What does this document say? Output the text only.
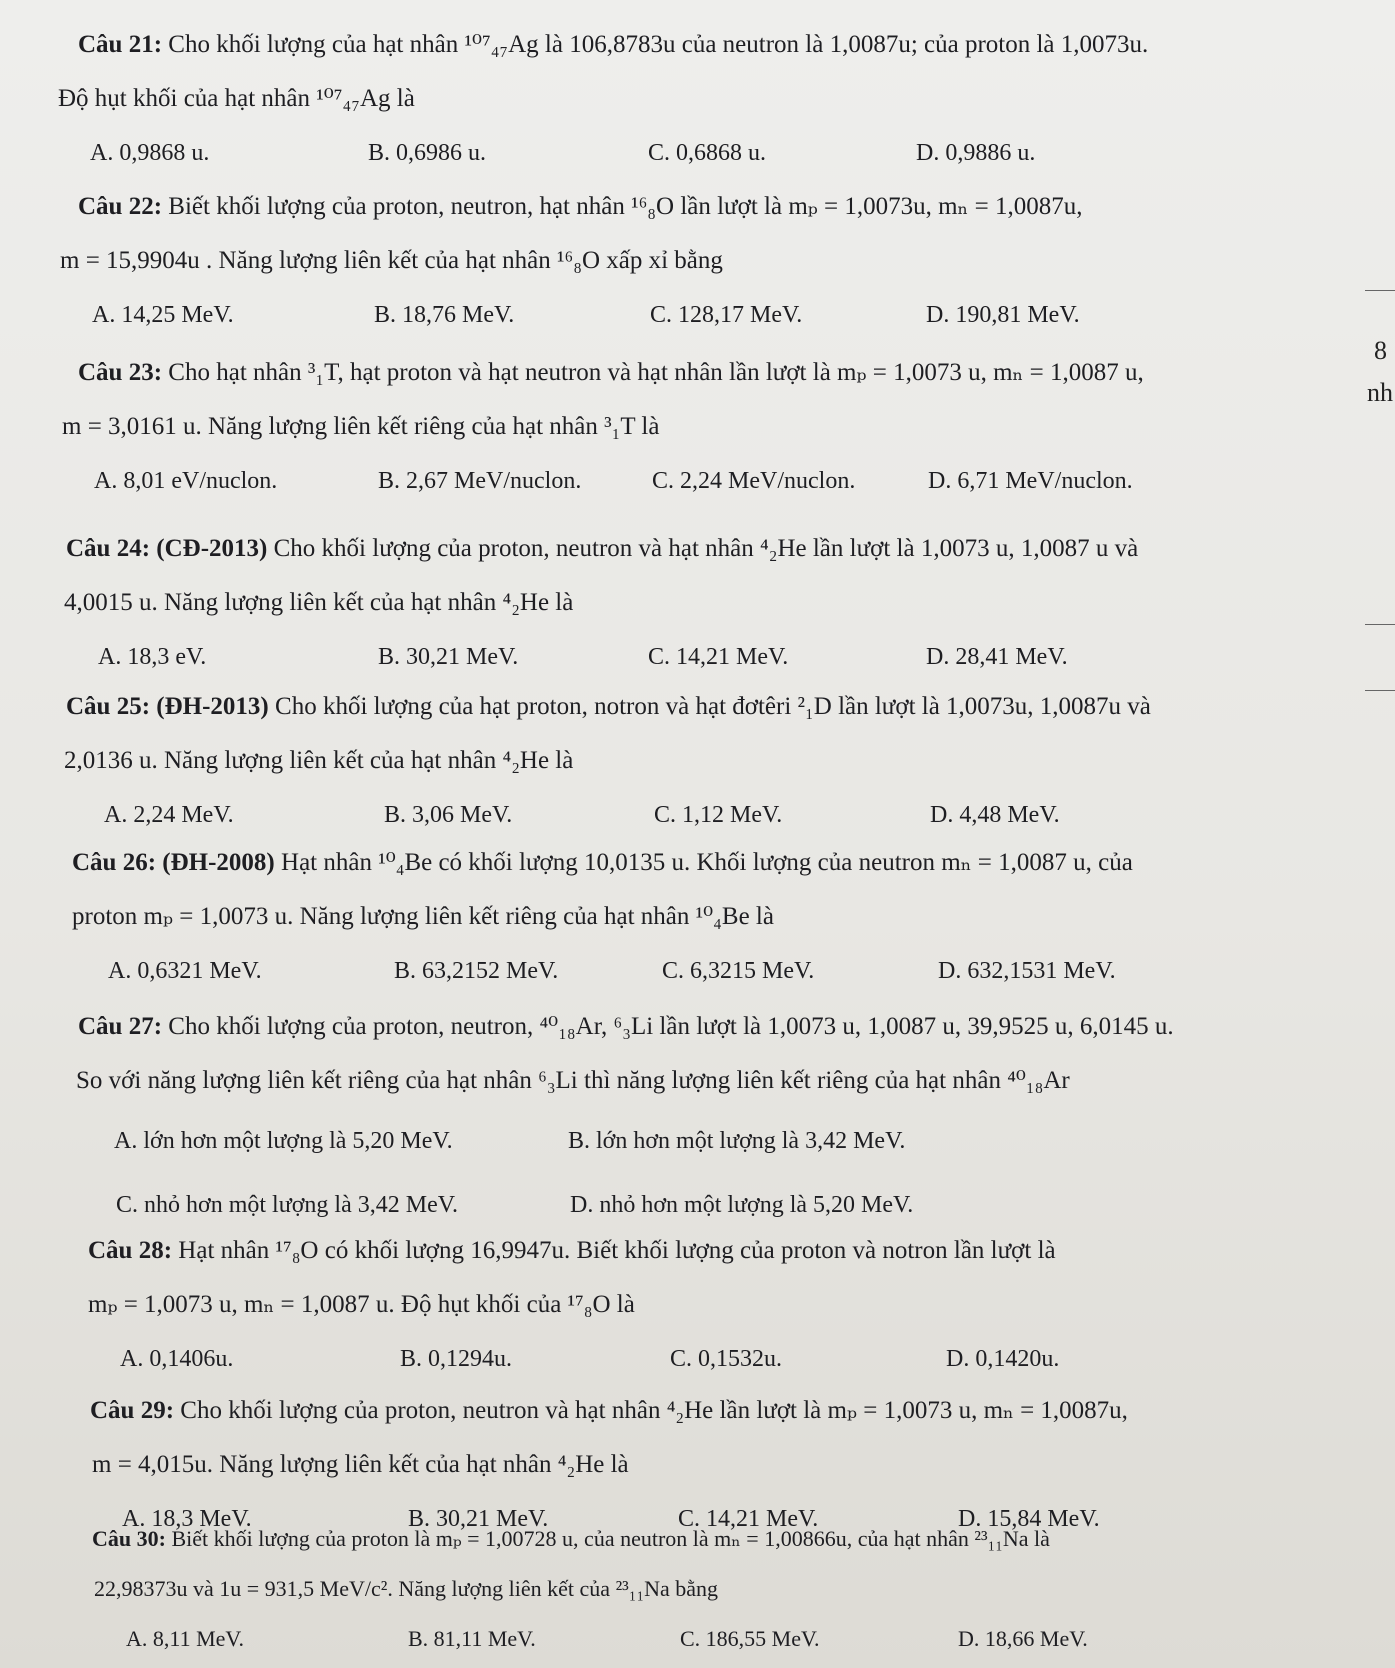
Câu 21: Cho khối lượng của hạt nhân ¹⁰⁷₄₇Ag là 106,8783u của neutron là 1,0087u; của proton là 1,0073u.
Độ hụt khối của hạt nhân ¹⁰⁷₄₇Ag là
A. 0,9868 u.	B. 0,6986 u.	C. 0,6868 u.	D. 0,9886 u.
Câu 22: Biết khối lượng của proton, neutron, hạt nhân ¹⁶₈O lần lượt là mₚ = 1,0073u, mₙ = 1,0087u,
m = 15,9904u . Năng lượng liên kết của hạt nhân ¹⁶₈O xấp xỉ bằng
A. 14,25 MeV.	B. 18,76 MeV.	C. 128,17 MeV.	D. 190,81 MeV.
Câu 23: Cho hạt nhân ³₁T, hạt proton và hạt neutron và hạt nhân lần lượt là mₚ = 1,0073 u, mₙ = 1,0087 u,
m = 3,0161 u. Năng lượng liên kết riêng của hạt nhân ³₁T là
A. 8,01 eV/nuclon.	B. 2,67 MeV/nuclon.	C. 2,24 MeV/nuclon.	D. 6,71 MeV/nuclon.
Câu 24: (CĐ-2013) Cho khối lượng của proton, neutron và hạt nhân ⁴₂He lần lượt là 1,0073 u, 1,0087 u và
4,0015 u. Năng lượng liên kết của hạt nhân ⁴₂He là
A. 18,3 eV.	B. 30,21 MeV.	C. 14,21 MeV.	D. 28,41 MeV.
Câu 25: (ĐH-2013) Cho khối lượng của hạt proton, notron và hạt đơtêri ²₁D lần lượt là 1,0073u, 1,0087u và
2,0136 u. Năng lượng liên kết của hạt nhân ⁴₂He là
A. 2,24 MeV.	B. 3,06 MeV.	C. 1,12 MeV.	D. 4,48 MeV.
Câu 26: (ĐH-2008) Hạt nhân ¹⁰₄Be có khối lượng 10,0135 u. Khối lượng của neutron mₙ = 1,0087 u, của
proton mₚ = 1,0073 u. Năng lượng liên kết riêng của hạt nhân ¹⁰₄Be là
A. 0,6321 MeV.	B. 63,2152 MeV.	C. 6,3215 MeV.	D. 632,1531 MeV.
Câu 27: Cho khối lượng của proton, neutron, ⁴⁰₁₈Ar, ⁶₃Li lần lượt là 1,0073 u, 1,0087 u, 39,9525 u, 6,0145 u.
So với năng lượng liên kết riêng của hạt nhân ⁶₃Li thì năng lượng liên kết riêng của hạt nhân ⁴⁰₁₈Ar
A. lớn hơn một lượng là 5,20 MeV.	B. lớn hơn một lượng là 3,42 MeV.
C. nhỏ hơn một lượng là 3,42 MeV.	D. nhỏ hơn một lượng là 5,20 MeV.
Câu 28: Hạt nhân ¹⁷₈O có khối lượng 16,9947u. Biết khối lượng của proton và notron lần lượt là
mₚ = 1,0073 u, mₙ = 1,0087 u. Độ hụt khối của ¹⁷₈O là
A. 0,1406u.	B. 0,1294u.	C. 0,1532u.	D. 0,1420u.
Câu 29: Cho khối lượng của proton, neutron và hạt nhân ⁴₂He lần lượt là mₚ = 1,0073 u, mₙ = 1,0087u,
m = 4,015u. Năng lượng liên kết của hạt nhân ⁴₂He là
A. 18,3 MeV.	B. 30,21 MeV.	C. 14,21 MeV.	D. 15,84 MeV.
Câu 30: Biết khối lượng của proton là mₚ = 1,00728 u, của neutron là mₙ = 1,00866u, của hạt nhân ²³₁₁Na là
22,98373u và 1u = 931,5 MeV/c². Năng lượng liên kết của ²³₁₁Na bằng
A. 8,11 MeV.	B. 81,11 MeV.	C. 186,55 MeV.	D. 18,66 MeV.
8
nh
